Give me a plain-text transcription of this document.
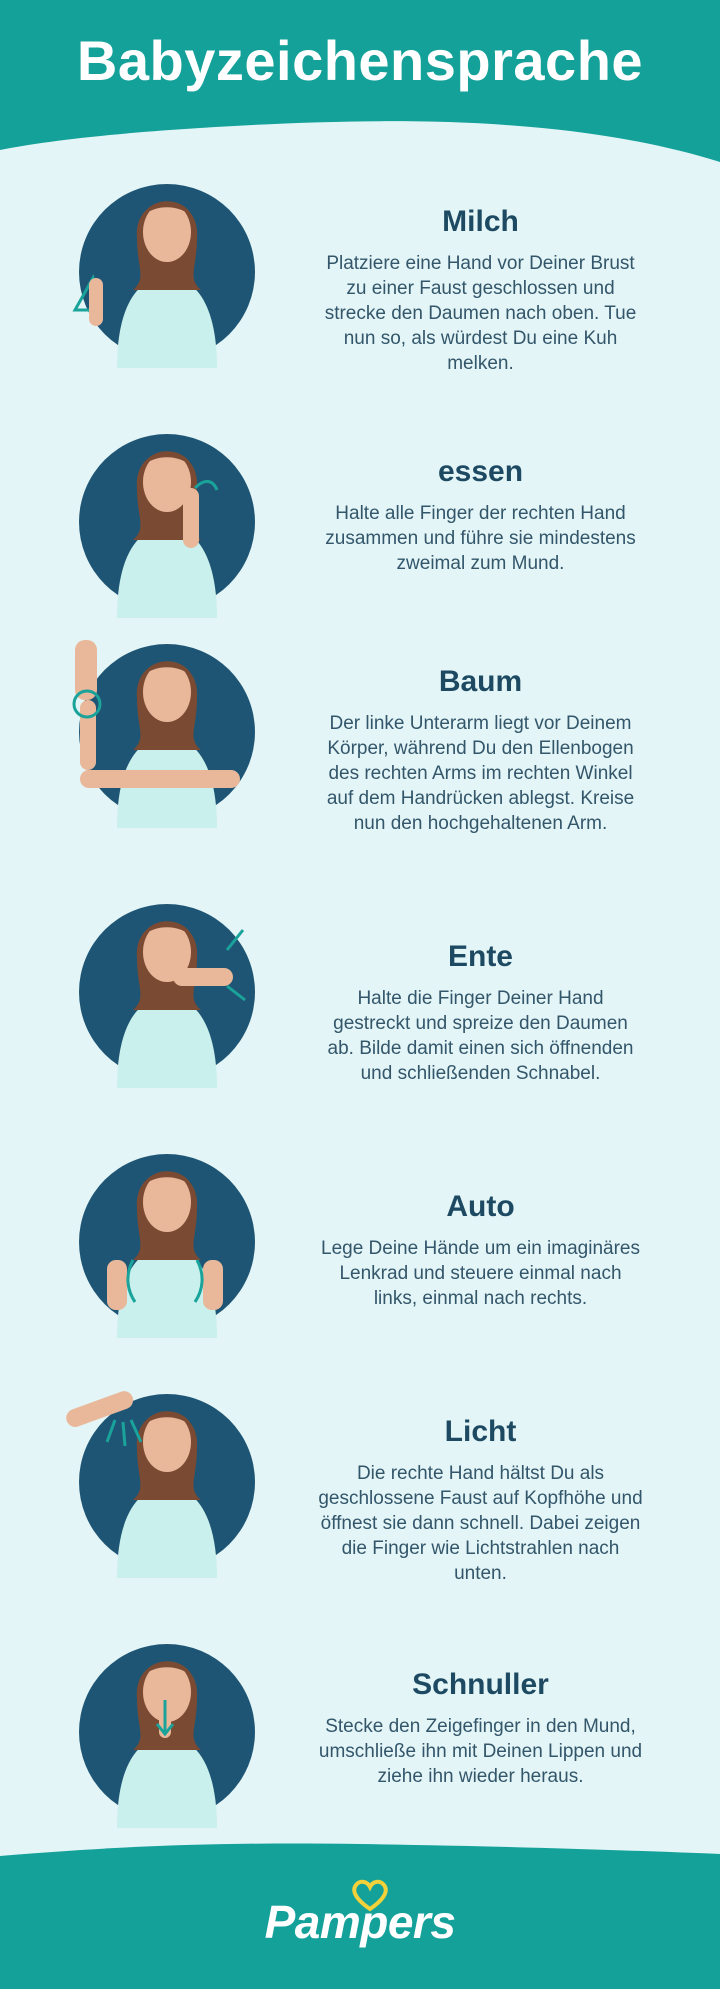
Babyzeichensprache
Milch

Platziere eine Hand vor Deiner Brust zu einer Faust geschlossen und strecke den Daumen nach oben. Tue nun so, als würdest Du eine Kuh melken.

essen

Halte alle Finger der rechten Hand zusammen und führe sie mindestens zweimal zum Mund.

Baum

Der linke Unterarm liegt vor Deinem Körper, während Du den Ellenbogen des rechten Arms im rechten Winkel auf dem Handrücken ablegst. Kreise nun den hochgehaltenen Arm.

Ente

Halte die Finger Deiner Hand gestreckt und spreize den Daumen ab. Bilde damit einen sich öffnenden und schließenden Schnabel.

Auto

Lege Deine Hände um ein imaginäres Lenkrad und steuere einmal nach links, einmal nach rechts.

Licht

Die rechte Hand hältst Du als geschlossene Faust auf Kopfhöhe und öffnest sie dann schnell. Dabei zeigen die Finger wie Lichtstrahlen nach unten.

Schnuller

Stecke den Zeigefinger in den Mund, umschließe ihn mit Deinen Lippen und ziehe ihn wieder heraus.

Pampers
